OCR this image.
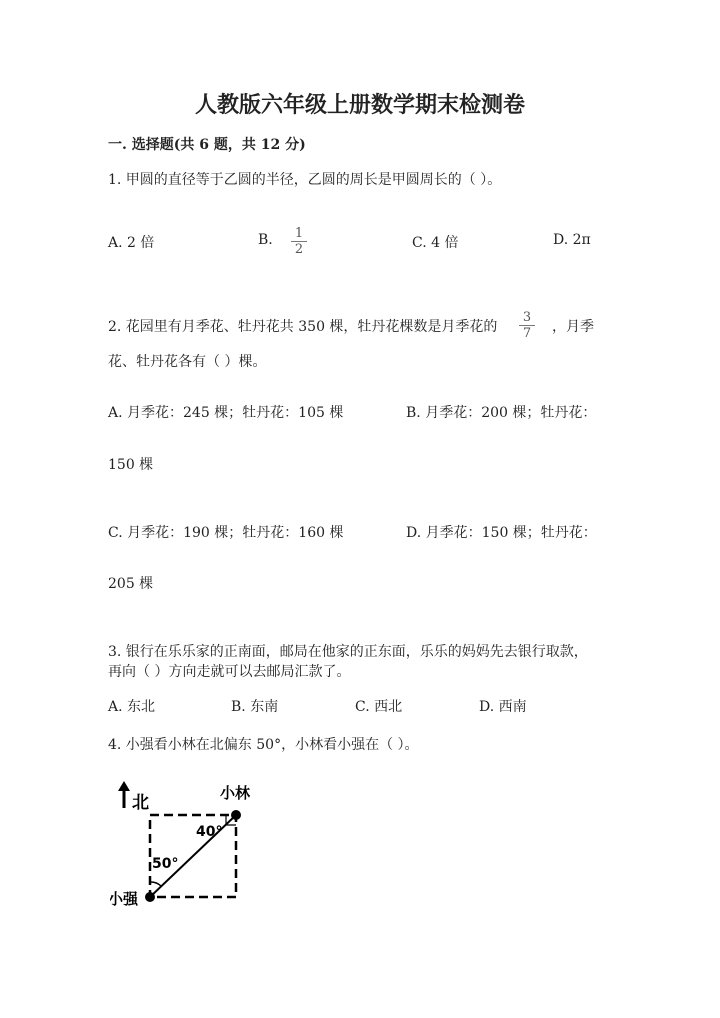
人教版六年级上册数学期末检测卷
一. 选择题(共 6 题，共 12 分)
1. 甲圆的直径等于乙圆的半径，乙圆的周长是甲圆周长的（ ）。
A. 2 倍	B. 1
2	C. 4 倍	D. 2π
2. 花园里有月季花、牡丹花共 350 棵，牡丹花棵数是月季花的
3
7 ，月季
花、牡丹花各有（ ）棵。
A. 月季花：245 棵；牡丹花：105 棵	B. 月季花：200 棵；牡丹花：
150 棵
C. 月季花：190 棵；牡丹花：160 棵	D. 月季花：150 棵；牡丹花：
205 棵
3. 银行在乐乐家的正南面，邮局在他家的正东面，乐乐的妈妈先去银行取款，
再向（ ）方向走就可以去邮局汇款了。
A. 东北	B. 东南	C. 西北	D. 西南
4. 小强看小林在北偏东 50°，小林看小强在（ ）。
北	小林
小强
40°
50°
